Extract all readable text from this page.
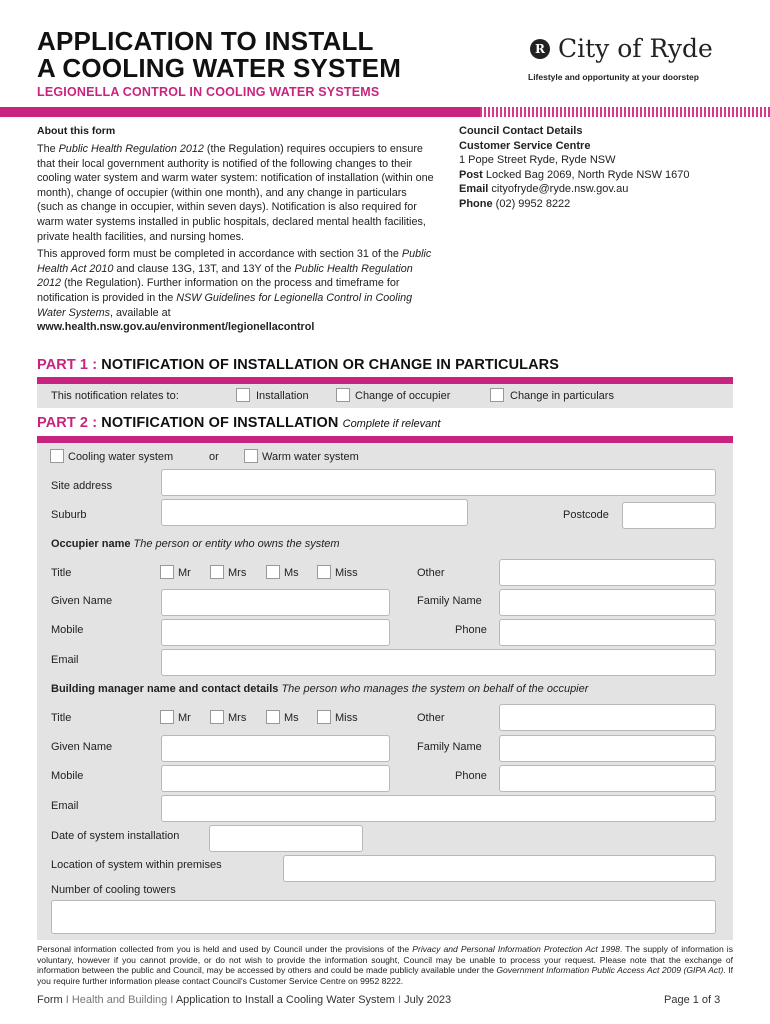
APPLICATION TO INSTALL
A COOLING WATER SYSTEM
LEGIONELLA CONTROL IN COOLING WATER SYSTEMS
R City of Ryde
Lifestyle and opportunity at your doorstep
About this form

The Public Health Regulation 2012 (the Regulation) requires occupiers to ensure that their local government authority is notified of the following changes to their cooling water system and warm water system: notification of installation (within one month), change of occupier (within one month), and any change in particulars (such as change in occupier, within seven days). Notification is also required for warm water systems installed in public hospitals, declared mental health facilities, private health facilities, and nursing homes.

This approved form must be completed in accordance with section 31 of the Public Health Act 2010 and clause 13G, 13T, and 13Y of the Public Health Regulation 2012 (the Regulation). Further information on the process and timeframe for notification is provided in the NSW Guidelines for Legionella Control in Cooling Water Systems, available at www.health.nsw.gov.au/environment/legionellacontrol

Council Contact Details
Customer Service Centre
1 Pope Street Ryde, Ryde NSW
Post Locked Bag 2069, North Ryde NSW 1670
Email cityofryde@ryde.nsw.gov.au
Phone (02) 9952 8222
PART 1 : NOTIFICATION OF INSTALLATION OR CHANGE IN PARTICULARS
This notification relates to:	Installation	Change of occupier	Change in particulars
PART 2 : NOTIFICATION OF INSTALLATION Complete if relevant
Cooling water system	or	Warm water system
Site address
Suburb	Postcode
Occupier name The person or entity who owns the system
Title	Mr	Mrs	Ms	Miss	Other
Given Name	Family Name
Mobile	Phone
Email
Building manager name and contact details The person who manages the system on behalf of the occupier
Title	Mr	Mrs	Ms	Miss	Other
Given Name	Family Name
Mobile	Phone
Email
Date of system installation
Location of system within premises
Number of cooling towers
Personal information collected from you is held and used by Council under the provisions of the Privacy and Personal Information Protection Act 1998. The supply of information is voluntary, however if you cannot provide, or do not wish to provide the information sought, Council may be unable to process your request. Please note that the exchange of information between the public and Council, may be accessed by others and could be made publicly available under the Government Information Public Access Act 2009 (GIPA Act). If you require further information please contact Council's Customer Service Centre on 9952 8222.
Form I Health and Building I Application to Install a Cooling Water System I July 2023	Page 1 of 3
